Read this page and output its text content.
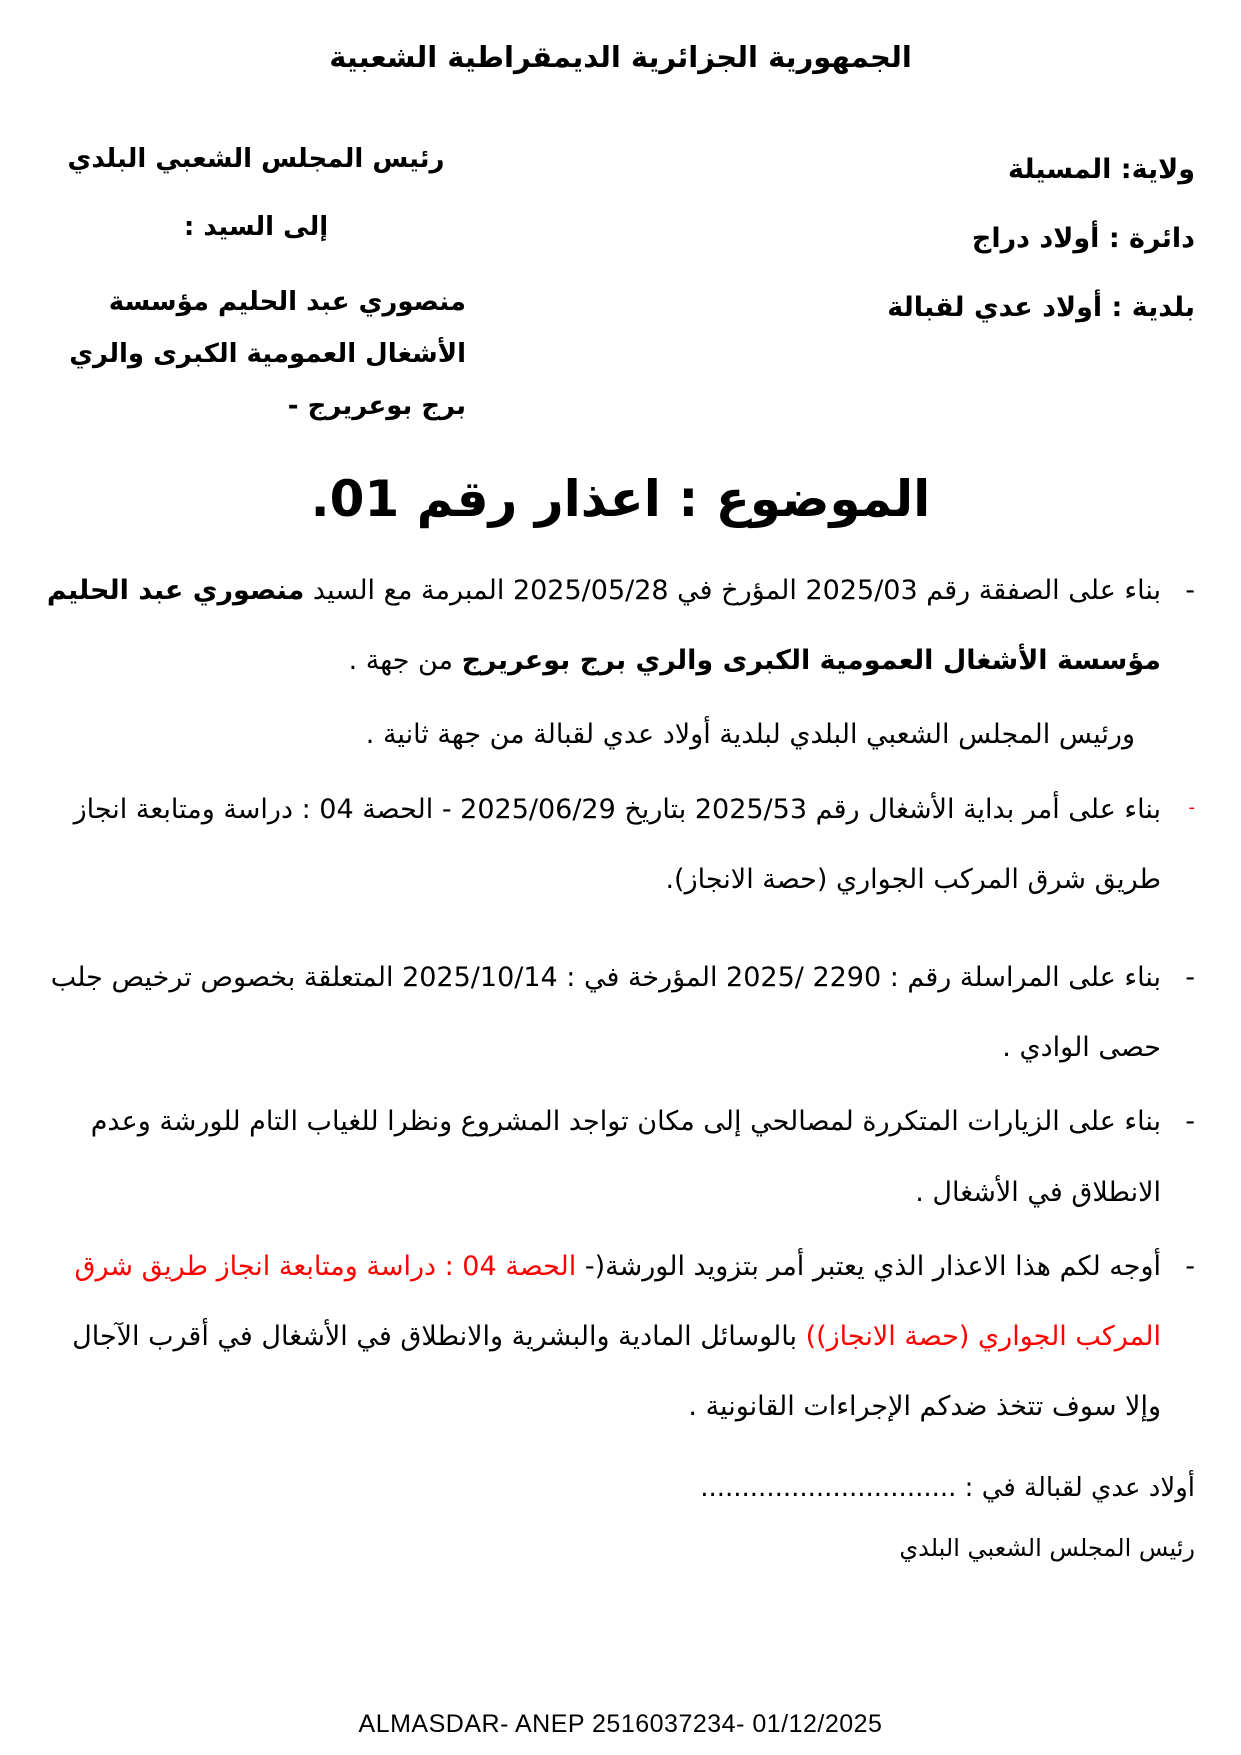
الجمهورية الجزائرية الديمقراطية الشعبية
ولاية: المسيلة
دائرة : أولاد دراج
بلدية : أولاد عدي لقبالة
رئيس المجلس الشعبي البلدي
إلى السيد :
منصوري عبد الحليم مؤسسة الأشغال العمومية الكبرى والري برج بوعريرج -
الموضوع : اعذار رقم 01.
-
بناء على الصفقة رقم 2025/03 المؤرخ في 2025/05/28 المبرمة مع السيد منصوري عبد الحليم مؤسسة الأشغال العمومية الكبرى والري برج بوعريرج من جهة .
ورئيس المجلس الشعبي البلدي لبلدية أولاد عدي لقبالة من جهة ثانية .
-
بناء على أمر بداية الأشغال رقم 2025/53 بتاريخ 2025/06/29 - الحصة 04 : دراسة ومتابعة انجاز طريق شرق المركب الجواري (حصة الانجاز).
-
بناء على المراسلة رقم : 2290 /2025 المؤرخة في : 2025/10/14 المتعلقة بخصوص ترخيص جلب حصى الوادي .
-
بناء على الزيارات المتكررة لمصالحي إلى مكان تواجد المشروع ونظرا للغياب التام للورشة وعدم الانطلاق في الأشغال .
-
أوجه لكم هذا الاعذار الذي يعتبر أمر بتزويد الورشة(- الحصة 04 : دراسة ومتابعة انجاز طريق شرق المركب الجواري (حصة الانجاز)) بالوسائل المادية والبشرية والانطلاق في الأشغال في أقرب الآجال وإلا سوف تتخذ ضدكم الإجراءات القانونية .
أولاد عدي لقبالة في : ...............................
رئيس المجلس الشعبي البلدي
ALMASDAR- ANEP 2516037234- 01/12/2025
